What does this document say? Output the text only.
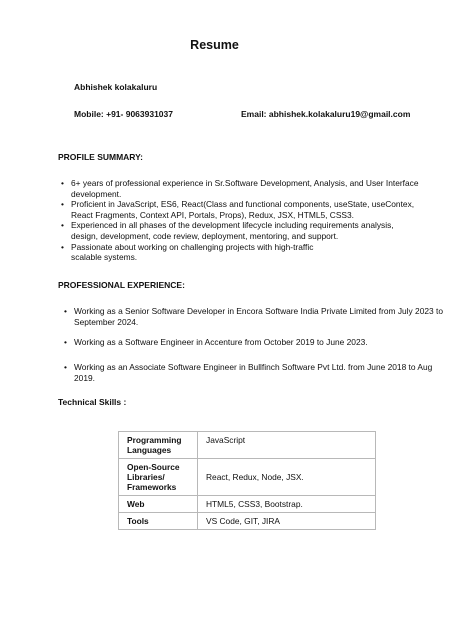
Resume
Abhishek kolakaluru
Mobile: +91- 9063931037	Email: abhishek.kolakaluru19@gmail.com
PROFILE SUMMARY:
• 6+ years of professional experience in Sr.Software Development, Analysis, and User Interface development.
• Proficient in JavaScript, ES6, React(Class and functional components, useState, useContex, React Fragments, Context API, Portals, Props), Redux, JSX, HTML5, CSS3.
• Experienced in all phases of the development lifecycle including requirements analysis, design, development, code review, deployment, mentoring, and support.
• Passionate about working on challenging projects with high-traffic scalable systems.
PROFESSIONAL EXPERIENCE:
• Working as a Senior Software Developer in Encora Software India Private Limited from July 2023 to September 2024.
• Working as a Software Engineer in Accenture from October 2019 to June 2023.
• Working as an Associate Software Engineer in Bullfinch Software Pvt Ltd. from June 2018 to Aug 2019.
Technical Skills :
Programming Languages	JavaScript
Open-Source Libraries/ Frameworks	React, Redux, Node, JSX.
Web	HTML5, CSS3, Bootstrap.
Tools	VS Code, GIT, JIRA
